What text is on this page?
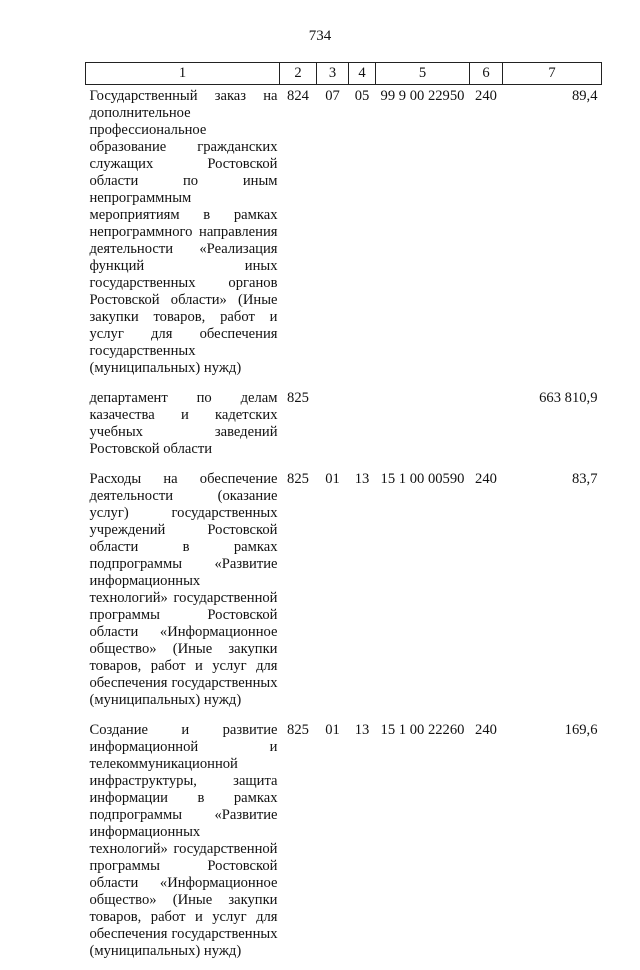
734
1	2	3	4	5	6	7
Государственный заказ на дополнительное профессиональное образование гражданских служащих Ростовской области по иным непрограммным мероприятиям в рамках непрограммного направления деятельности «Реализация функций иных государственных органов Ростовской области» (Иные закупки товаров, работ и услуг для обеспечения государственных (муниципальных) нужд)	824	07	05	99 9 00 22950	240	89,4
департамент по делам казачества и кадетских учебных заведений Ростовской области	825					663 810,9
Расходы на обеспечение деятельности (оказание услуг) государственных учреждений Ростовской области в рамках подпрограммы «Развитие информационных технологий» государственной программы Ростовской области «Информационное общество» (Иные закупки товаров, работ и услуг для обеспечения государственных (муниципальных) нужд)	825	01	13	15 1 00 00590	240	83,7
Создание и развитие информационной и телекоммуникационной инфраструктуры, защита информации в рамках подпрограммы «Развитие информационных технологий» государственной программы Ростовской области «Информационное общество» (Иные закупки товаров, работ и услуг для обеспечения государственных (муниципальных) нужд)	825	01	13	15 1 00 22260	240	169,6
